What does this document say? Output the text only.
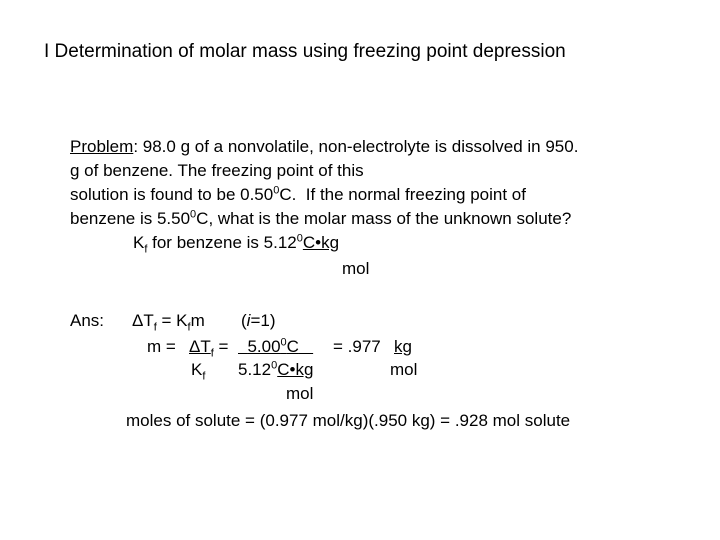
I Determination of molar mass using freezing point depression
Problem: 98.0 g of a nonvolatile, non-electrolyte is dissolved in 950.
g of benzene. The freezing point of this
solution is found to be 0.50$^0$C.  If the normal freezing point of
benzene is 5.50$^0$C, what is the molar mass of the unknown solute?
$K_f$ for benzene is 5.12$^0$C•kg
mol
Ans: $\Delta T_f = K_fm$ (i=1)
$m = \Delta T_f = 5.00^0C$	= .977 kg
$K_f$ 5.12$^0$C•kg	mol
mol
moles of solute = (0.977 mol/kg)(.950 kg) = .928 mol solute
